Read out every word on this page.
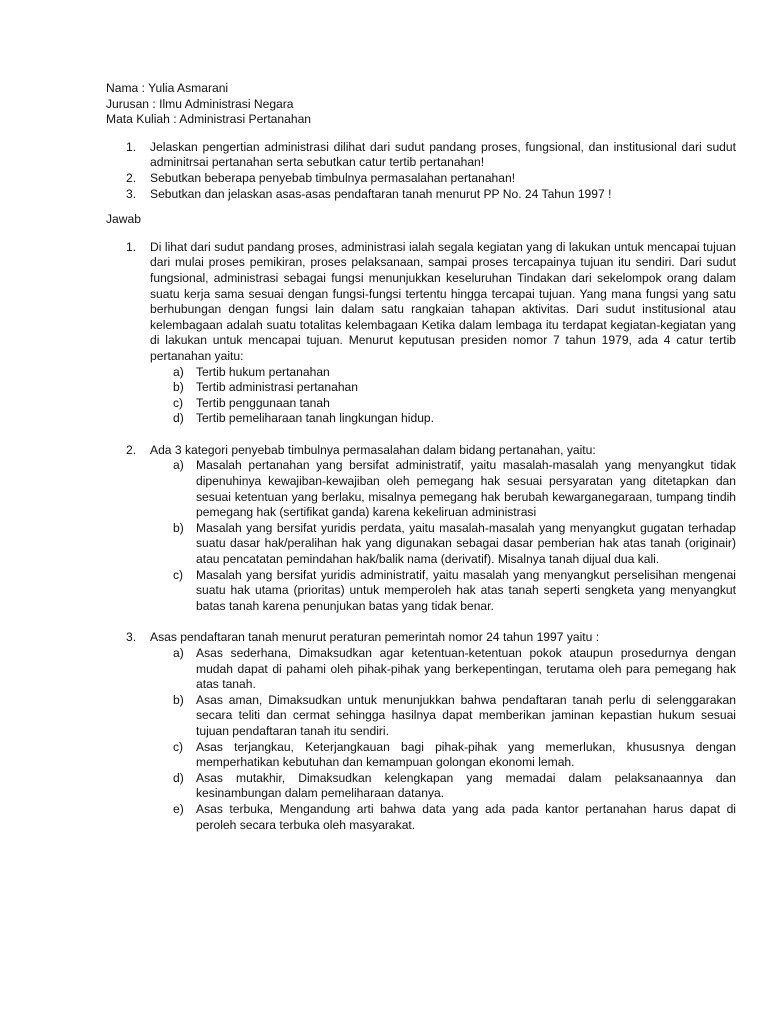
Nama : Yulia Asmarani

Jurusan : Ilmu Administrasi Negara

Mata Kuliah : Administrasi Pertanahan

1.	Jelaskan pengertian administrasi dilihat dari sudut pandang proses, fungsional, dan institusional dari sudut adminitrsai pertanahan serta sebutkan catur tertib pertanahan!
2.	Sebutkan beberapa penyebab timbulnya permasalahan pertanahan!
3.	Sebutkan dan jelaskan asas-asas pendaftaran tanah menurut PP No. 24 Tahun 1997 !

Jawab

1.	Di lihat dari sudut pandang proses, administrasi ialah segala kegiatan yang di lakukan untuk mencapai tujuan dari mulai proses pemikiran, proses pelaksanaan, sampai proses tercapainya tujuan itu sendiri. Dari sudut fungsional, administrasi sebagai fungsi menunjukkan keseluruhan Tindakan dari sekelompok orang dalam suatu kerja sama sesuai dengan fungsi-fungsi tertentu hingga tercapai tujuan. Yang mana fungsi yang satu berhubungan dengan fungsi lain dalam satu rangkaian tahapan aktivitas. Dari sudut institusional atau kelembagaan adalah suatu totalitas kelembagaan Ketika dalam lembaga itu terdapat kegiatan-kegiatan yang di lakukan untuk mencapai tujuan. Menurut keputusan presiden nomor 7 tahun 1979, ada 4 catur tertib pertanahan yaitu:

a)	Tertib hukum pertanahan
b)	Tertib administrasi pertanahan
c)	Tertib penggunaan tanah
d)	Tertib pemeliharaan tanah lingkungan hidup.
2.	Ada 3 kategori penyebab timbulnya permasalahan dalam bidang pertanahan, yaitu:

a)	Masalah pertanahan yang bersifat administratif, yaitu masalah-masalah yang menyangkut tidak dipenuhinya kewajiban-kewajiban oleh pemegang hak sesuai persyaratan yang ditetapkan dan sesuai ketentuan yang berlaku, misalnya pemegang hak berubah kewarganegaraan, tumpang tindih pemegang hak (sertifikat ganda) karena kekeliruan administrasi
b)	Masalah yang bersifat yuridis perdata, yaitu masalah-masalah yang menyangkut gugatan terhadap suatu dasar hak/peralihan hak yang digunakan sebagai dasar pemberian hak atas tanah (originair) atau pencatatan pemindahan hak/balik nama (derivatif). Misalnya tanah dijual dua kali.
c)	Masalah yang bersifat yuridis administratif, yaitu masalah yang menyangkut perselisihan mengenai suatu hak utama (prioritas) untuk memperoleh hak atas tanah seperti sengketa yang menyangkut batas tanah karena penunjukan batas yang tidak benar.
3.	Asas pendaftaran tanah menurut peraturan pemerintah nomor 24 tahun 1997 yaitu :

a)	Asas sederhana, Dimaksudkan agar ketentuan-ketentuan pokok ataupun prosedurnya dengan mudah dapat di pahami oleh pihak-pihak yang berkepentingan, terutama oleh para pemegang hak atas tanah.
b)	Asas aman, Dimaksudkan untuk menunjukkan bahwa pendaftaran tanah perlu di selenggarakan secara teliti dan cermat sehingga hasilnya dapat memberikan jaminan kepastian hukum sesuai tujuan pendaftaran tanah itu sendiri.
c)	Asas terjangkau, Keterjangkauan bagi pihak-pihak yang memerlukan, khususnya dengan memperhatikan kebutuhan dan kemampuan golongan ekonomi lemah.
d)	Asas mutakhir, Dimaksudkan kelengkapan yang memadai dalam pelaksanaannya dan kesinambungan dalam pemeliharaan datanya.
e)	Asas terbuka, Mengandung arti bahwa data yang ada pada kantor pertanahan harus dapat di peroleh secara terbuka oleh masyarakat.
